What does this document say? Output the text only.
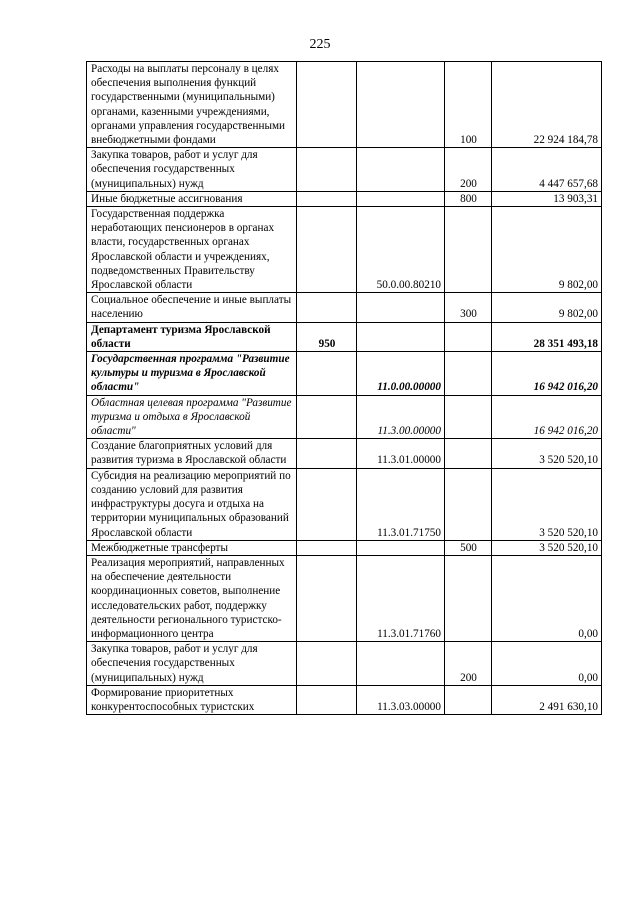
225
Расходы на выплаты персоналу в целях обеспечения выполнения функций государственными (муниципальными) органами, казенными учреждениями, органами управления государственными внебюджетными фондами			100	22 924 184,78
Закупка товаров, работ и услуг для обеспечения государственных (муниципальных) нужд			200	4 447 657,68
Иные бюджетные ассигнования			800	13 903,31
Государственная поддержка неработающих пенсионеров в органах власти, государственных органах Ярославской области и учреждениях, подведомственных Правительству Ярославской области		50.0.00.80210		9 802,00
Социальное обеспечение и иные выплаты населению			300	9 802,00
Департамент туризма Ярославской области	950			28 351 493,18
Государственная программа "Развитие культуры и туризма в Ярославской области"		11.0.00.00000		16 942 016,20
Областная целевая программа "Развитие туризма и отдыха в Ярославской области"		11.3.00.00000		16 942 016,20
Создание благоприятных условий для развития туризма в Ярославской области		11.3.01.00000		3 520 520,10
Субсидия на реализацию мероприятий по созданию условий для развития инфраструктуры досуга и отдыха на территории муниципальных образований Ярославской области		11.3.01.71750		3 520 520,10
Межбюджетные трансферты			500	3 520 520,10
Реализация мероприятий, направленных на обеспечение деятельности координационных советов, выполнение исследовательских работ, поддержку деятельности регионального туристско-информационного центра		11.3.01.71760		0,00
Закупка товаров, работ и услуг для обеспечения государственных (муниципальных) нужд			200	0,00
Формирование приоритетных конкурентоспособных туристских		11.3.03.00000		2 491 630,10
